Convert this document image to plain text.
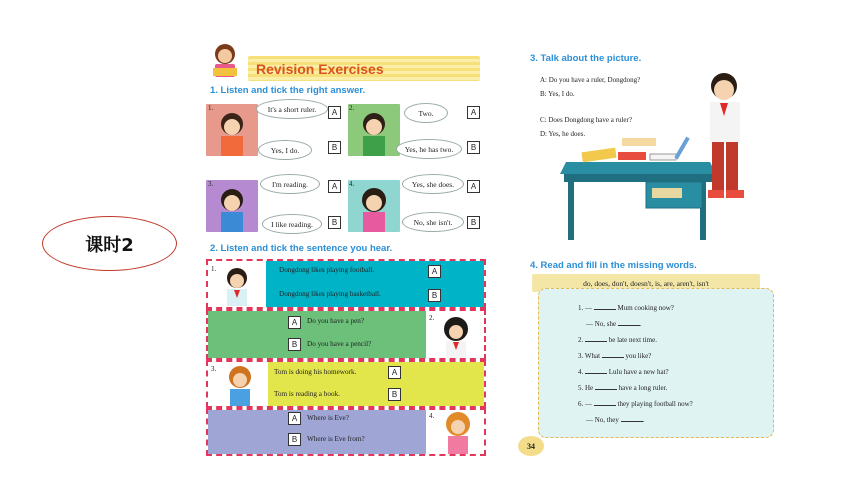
课时2
Revision Exercises
1. Listen and tick the right answer.
1.	It's a short ruler.	A
Yes, I do.	B
2.
Two.	A
Yes, he has two.	B
3.	I'm reading.	A
I like reading.	B
4.	Yes, she does.	A
No, she isn't.	B
2. Listen and tick the sentence you hear.
1.	Dongdong likes playing football.	A
Dongdong likes playing basketball.	B
A	Do you have a pen?
B	Do you have a pencil?
2.
3.	Tom is doing his homework.	A
Tom is reading a book.	B
A	Where is Eve?
B	Where is Eve from?
4.
3. Talk about the picture.
A: Do you have a ruler, Dongdong?
B: Yes, I do.
C: Does Dongdong have a ruler?
D: Yes, he does.
4. Read and fill in the missing words.
do, does, don't, doesn't, is, are, aren't, isn't
1. —	Mum cooking now?
— No, she	.
2.	be late next time.
3. What	you like?
4.	Lulu have a new hat?
5. He	have a long ruler.
6. —	they playing football now?
— No, they	.
34
